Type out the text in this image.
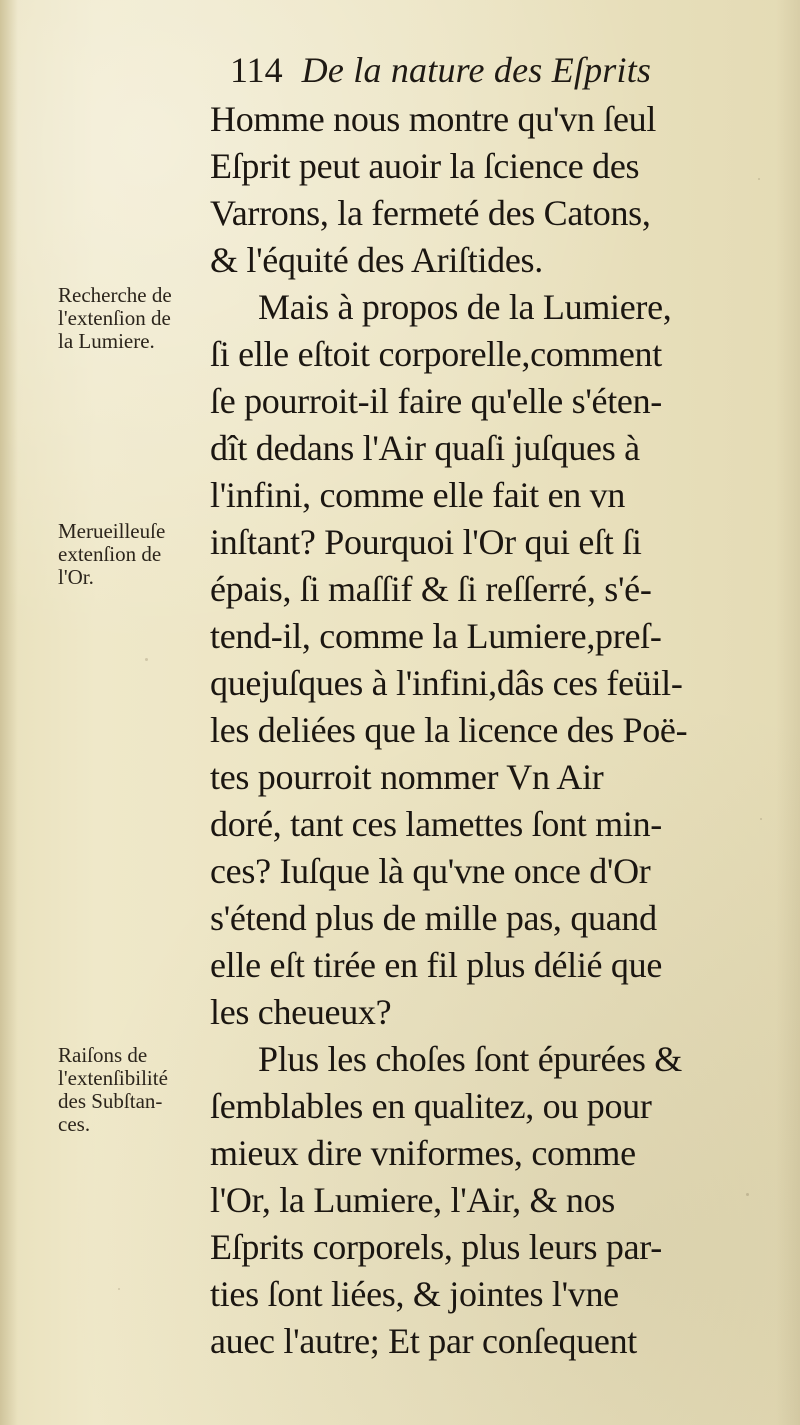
114 De la nature des Eſprits
Recherche de
l'extenſion de
la Lumiere.
Merueilleuſe
extenſion de
l'Or.
Raiſons de
l'extenſibilité
des Subſtan-
ces.
Homme nous montre qu'vn ſeul
Eſprit peut auoir la ſcience des
Varrons, la fermeté des Catons,
& l'équité des Ariſtides.
Mais à propos de la Lumiere,
ſi elle eſtoit corporelle,comment
ſe pourroit-il faire qu'elle s'éten-
dît dedans l'Air quaſi juſques à
l'infini, comme elle fait en vn
inſtant? Pourquoi l'Or qui eſt ſi
épais, ſi maſſif & ſi reſſerré, s'é-
tend-il, comme la Lumiere,preſ-
quejuſques à l'infini,dâs ces feüil-
les deliées que la licence des Poë-
tes pourroit nommer Vn Air
doré, tant ces lamettes ſont min-
ces? Iuſque là qu'vne once d'Or
s'étend plus de mille pas, quand
elle eſt tirée en fil plus délié que
les cheueux?
Plus les choſes ſont épurées &
ſemblables en qualitez, ou pour
mieux dire vniformes, comme
l'Or, la Lumiere, l'Air, & nos
Eſprits corporels, plus leurs par-
ties ſont liées, & jointes l'vne
auec l'autre; Et par conſequent
